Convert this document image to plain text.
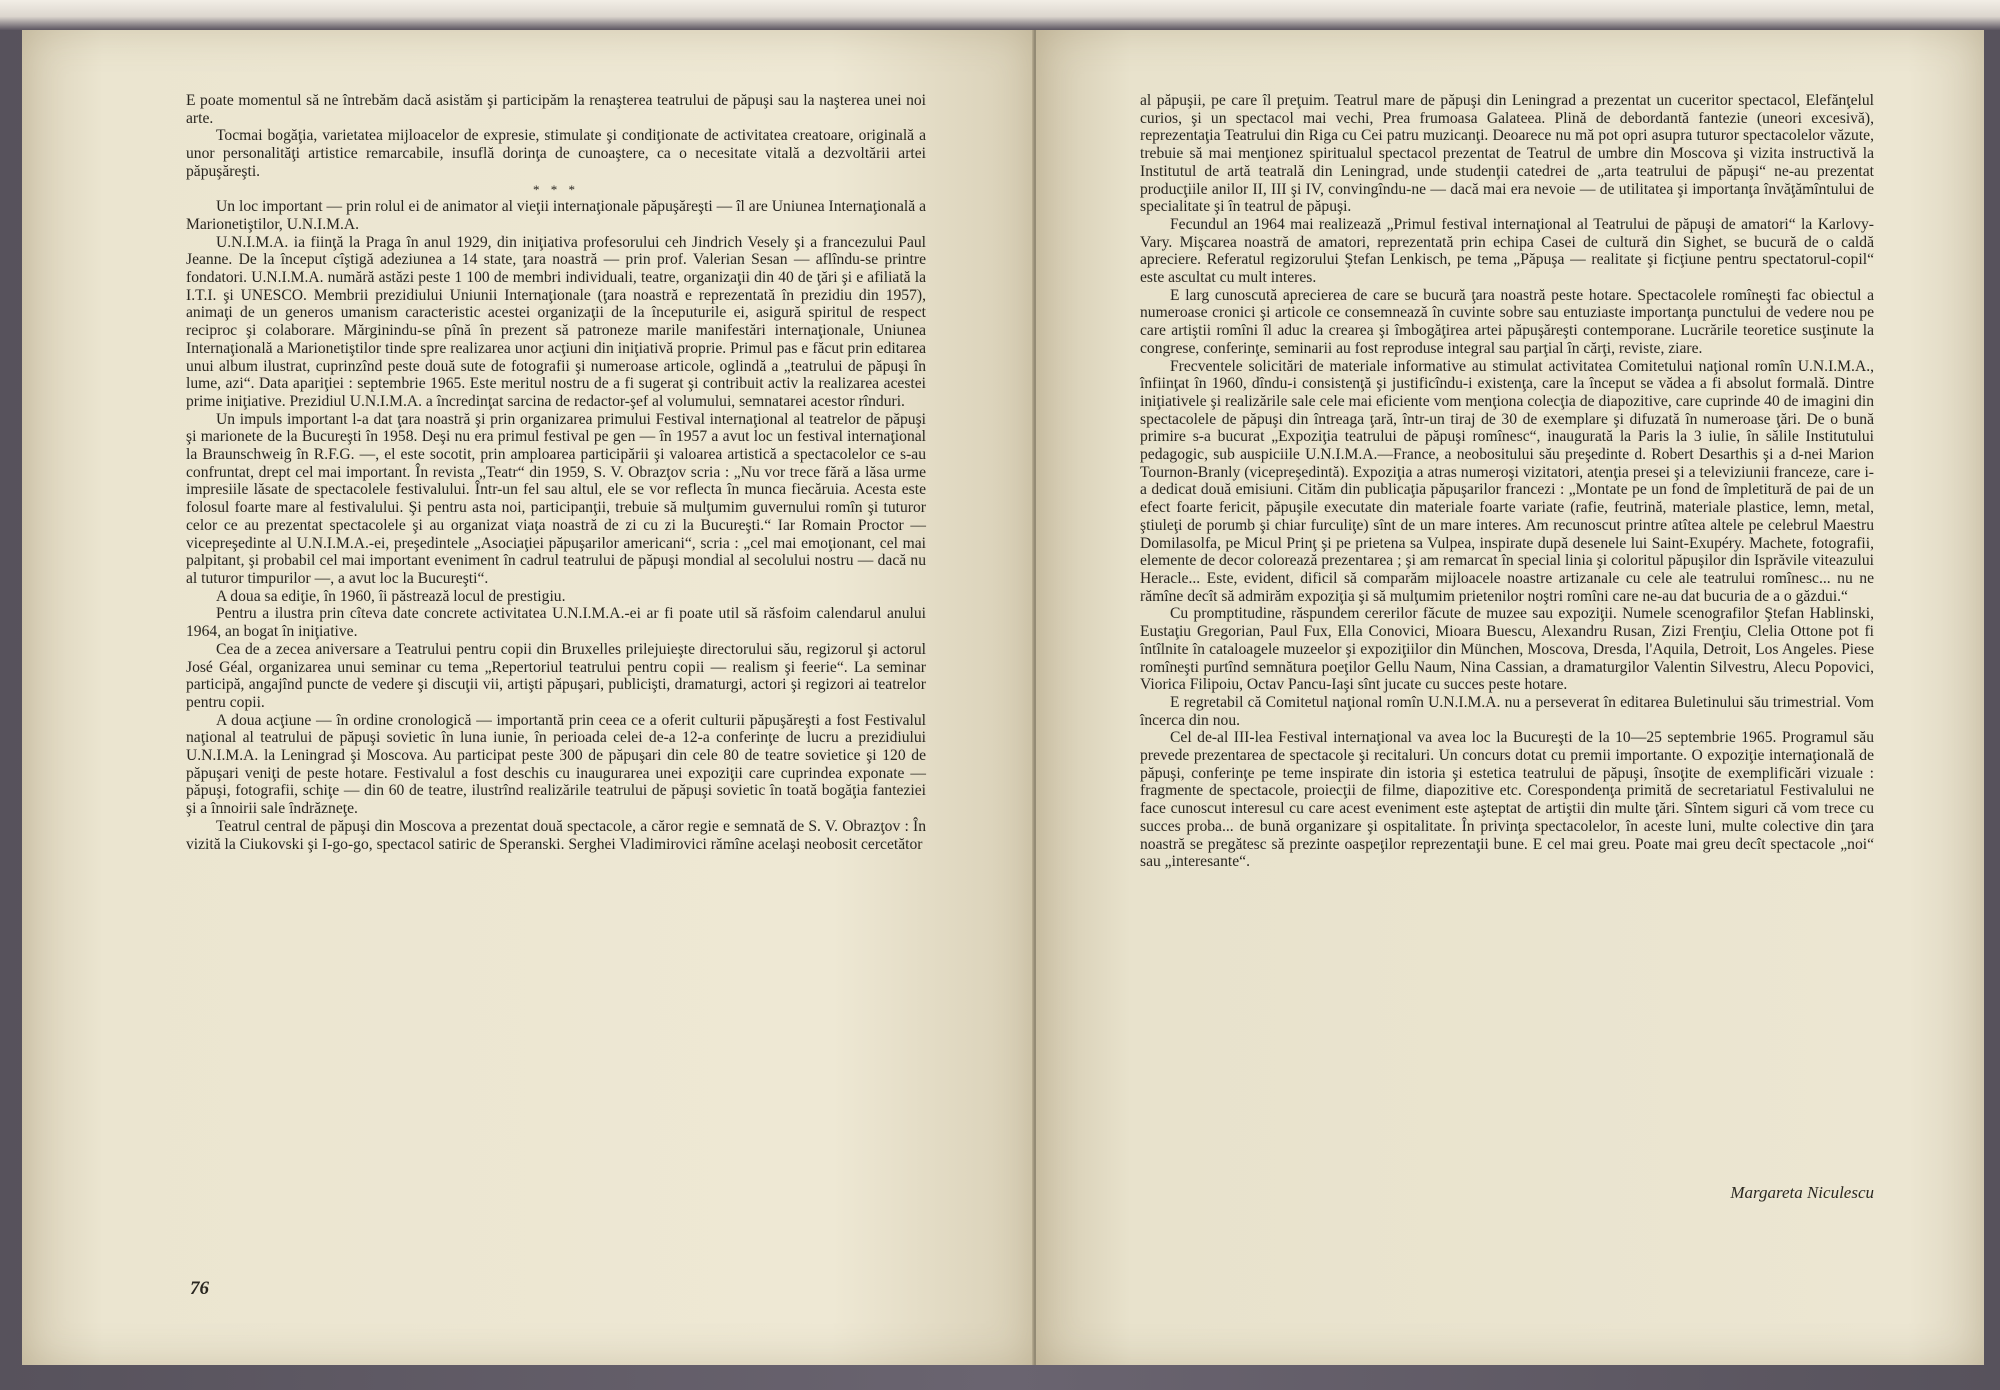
E poate momentul să ne întrebăm dacă asistăm şi participăm la renaşterea teatrului de păpuşi sau la naşterea unei noi arte.

Tocmai bogăţia, varietatea mijloacelor de expresie, stimulate şi condiţionate de activitatea creatoare, originală a unor personalităţi artistice remarcabile, insuflă dorinţa de cunoaştere, ca o necesitate vitală a dezvoltării artei păpuşăreşti.

* * *

Un loc important — prin rolul ei de animator al vieţii internaţionale păpuşăreşti — îl are Uniunea Internaţională a Marionetiştilor, U.N.I.M.A.

U.N.I.M.A. ia fiinţă la Praga în anul 1929, din iniţiativa profesorului ceh Jindrich Vesely şi a francezului Paul Jeanne. De la început cîştigă adeziunea a 14 state, ţara noastră — prin prof. Valerian Sesan — aflîndu-se printre fondatori. U.N.I.M.A. numără astăzi peste 1 100 de membri individuali, teatre, organizaţii din 40 de ţări şi e afiliată la I.T.I. şi UNESCO. Membrii prezidiului Uniunii Internaţionale (ţara noastră e reprezentată în prezidiu din 1957), animaţi de un generos umanism caracteristic acestei organizaţii de la începuturile ei, asigură spiritul de respect reciproc şi colaborare. Mărginindu-se pînă în prezent să patroneze marile manifestări internaţionale, Uniunea Internaţională a Marionetiştilor tinde spre realizarea unor acţiuni din iniţiativă proprie. Primul pas e făcut prin editarea unui album ilustrat, cuprinzînd peste două sute de fotografii şi numeroase articole, oglindă a „teatrului de păpuşi în lume, azi“. Data apariţiei : septembrie 1965. Este meritul nostru de a fi sugerat şi contribuit activ la realizarea acestei prime iniţiative. Prezidiul U.N.I.M.A. a încredinţat sarcina de redactor-şef al volumului, semnatarei acestor rînduri.

Un impuls important l-a dat ţara noastră şi prin organizarea primului Festival internaţional al teatrelor de păpuşi şi marionete de la Bucureşti în 1958. Deşi nu era primul festival pe gen — în 1957 a avut loc un festival internaţional la Braunschweig în R.F.G. —, el este socotit, prin amploarea participării şi valoarea artistică a spectacolelor ce s-au confruntat, drept cel mai important. În revista „Teatr“ din 1959, S. V. Obrazţov scria : „Nu vor trece fără a lăsa urme impresiile lăsate de spectacolele festivalului. Într-un fel sau altul, ele se vor reflecta în munca fiecăruia. Acesta este folosul foarte mare al festivalului. Şi pentru asta noi, participanţii, trebuie să mulţumim guvernului romîn şi tuturor celor ce au prezentat spectacolele şi au organizat viaţa noastră de zi cu zi la Bucureşti.“ Iar Romain Proctor — vicepreşedinte al U.N.I.M.A.-ei, preşedintele „Asociaţiei păpuşarilor americani“, scria : „cel mai emoţionant, cel mai palpitant, şi probabil cel mai important eveniment în cadrul teatrului de păpuşi mondial al secolului nostru — dacă nu al tuturor timpurilor —, a avut loc la Bucureşti“.

A doua sa ediţie, în 1960, îi păstrează locul de prestigiu.

Pentru a ilustra prin cîteva date concrete activitatea U.N.I.M.A.-ei ar fi poate util să răsfoim calendarul anului 1964, an bogat în iniţiative.

Cea de a zecea aniversare a Teatrului pentru copii din Bruxelles prilejuieşte directorului său, regizorul şi actorul José Géal, organizarea unui seminar cu tema „Repertoriul teatrului pentru copii — realism şi feerie“. La seminar participă, angajînd puncte de vedere şi discuţii vii, artişti păpuşari, publicişti, dramaturgi, actori şi regizori ai teatrelor pentru copii.

A doua acţiune — în ordine cronologică — importantă prin ceea ce a oferit culturii păpuşăreşti a fost Festivalul naţional al teatrului de păpuşi sovietic în luna iunie, în perioada celei de-a 12-a conferinţe de lucru a prezidiului U.N.I.M.A. la Leningrad şi Moscova. Au participat peste 300 de păpuşari din cele 80 de teatre sovietice şi 120 de păpuşari veniţi de peste hotare. Festivalul a fost deschis cu inaugurarea unei expoziţii care cuprindea exponate — păpuşi, fotografii, schiţe — din 60 de teatre, ilustrînd realizările teatrului de păpuşi sovietic în toată bogăţia fanteziei şi a înnoirii sale îndrăzneţe.

Teatrul central de păpuşi din Moscova a prezentat două spectacole, a căror regie e semnată de S. V. Obrazţov : În vizită la Ciukovski şi I-go-go, spectacol satiric de Speranski. Serghei Vladimirovici rămîne acelaşi neobosit cercetător

76

al păpuşii, pe care îl preţuim. Teatrul mare de păpuşi din Leningrad a prezentat un cuceritor spectacol, Elefănţelul curios, şi un spectacol mai vechi, Prea frumoasa Galateea. Plină de debordantă fantezie (uneori excesivă), reprezentaţia Teatrului din Riga cu Cei patru muzicanţi. Deoarece nu mă pot opri asupra tuturor spectacolelor văzute, trebuie să mai menţionez spiritualul spectacol prezentat de Teatrul de umbre din Moscova şi vizita instructivă la Institutul de artă teatrală din Leningrad, unde studenţii catedrei de „arta teatrului de păpuşi“ ne-au prezentat producţiile anilor II, III şi IV, convingîndu-ne — dacă mai era nevoie — de utilitatea şi importanţa învăţămîntului de specialitate şi în teatrul de păpuşi.

Fecundul an 1964 mai realizează „Primul festival internaţional al Teatrului de păpuşi de amatori“ la Karlovy-Vary. Mişcarea noastră de amatori, reprezentată prin echipa Casei de cultură din Sighet, se bucură de o caldă apreciere. Referatul regizorului Ştefan Lenkisch, pe tema „Păpuşa — realitate şi ficţiune pentru spectatorul-copil“ este ascultat cu mult interes.

E larg cunoscută aprecierea de care se bucură ţara noastră peste hotare. Spectacolele romîneşti fac obiectul a numeroase cronici şi articole ce consemnează în cuvinte sobre sau entuziaste importanţa punctului de vedere nou pe care artiştii romîni îl aduc la crearea şi îmbogăţirea artei păpuşăreşti contemporane. Lucrările teoretice susţinute la congrese, conferinţe, seminarii au fost reproduse integral sau parţial în cărţi, reviste, ziare.

Frecventele solicitări de materiale informative au stimulat activitatea Comitetului naţional romîn U.N.I.M.A., înfiinţat în 1960, dîndu-i consistenţă şi justificîndu-i existenţa, care la început se vădea a fi absolut formală. Dintre iniţiativele şi realizările sale cele mai eficiente vom menţiona colecţia de diapozitive, care cuprinde 40 de imagini din spectacolele de păpuşi din întreaga ţară, într-un tiraj de 30 de exemplare şi difuzată în numeroase ţări. De o bună primire s-a bucurat „Expoziţia teatrului de păpuşi romînesc“, inaugurată la Paris la 3 iulie, în sălile Institutului pedagogic, sub auspiciile U.N.I.M.A.—France, a neobositului său preşedinte d. Robert Desarthis şi a d-nei Marion Tournon-Branly (vicepreşedintă). Expoziţia a atras numeroşi vizitatori, atenţia presei şi a televiziunii franceze, care i-a dedicat două emisiuni. Cităm din publicaţia păpuşarilor francezi : „Montate pe un fond de împletitură de pai de un efect foarte fericit, păpuşile executate din materiale foarte variate (rafie, feutrină, materiale plastice, lemn, metal, ştiuleţi de porumb şi chiar furculiţe) sînt de un mare interes. Am recunoscut printre atîtea altele pe celebrul Maestru Domilasolfa, pe Micul Prinţ şi pe prietena sa Vulpea, inspirate după desenele lui Saint-Exupéry. Machete, fotografii, elemente de decor colorează prezentarea ; şi am remarcat în special linia şi coloritul păpuşilor din Isprăvile viteazului Heracle... Este, evident, dificil să comparăm mijloacele noastre artizanale cu cele ale teatrului romînesc... nu ne rămîne decît să admirăm expoziţia şi să mulţumim prietenilor noştri romîni care ne-au dat bucuria de a o găzdui.“

Cu promptitudine, răspundem cererilor făcute de muzee sau expoziţii. Numele scenografilor Ştefan Hablinski, Eustaţiu Gregorian, Paul Fux, Ella Conovici, Mioara Buescu, Alexandru Rusan, Zizi Frenţiu, Clelia Ottone pot fi întîlnite în cataloagele muzeelor şi expoziţiilor din München, Moscova, Dresda, l'Aquila, Detroit, Los Angeles. Piese romîneşti purtînd semnătura poeţilor Gellu Naum, Nina Cassian, a dramaturgilor Valentin Silvestru, Alecu Popovici, Viorica Filipoiu, Octav Pancu-Iaşi sînt jucate cu succes peste hotare.

E regretabil că Comitetul naţional romîn U.N.I.M.A. nu a perseverat în editarea Buletinului său trimestrial. Vom încerca din nou.

Cel de-al III-lea Festival internaţional va avea loc la Bucureşti de la 10—25 septembrie 1965. Programul său prevede prezentarea de spectacole şi recitaluri. Un concurs dotat cu premii importante. O expoziţie internaţională de păpuşi, conferinţe pe teme inspirate din istoria şi estetica teatrului de păpuşi, însoţite de exemplificări vizuale : fragmente de spectacole, proiecţii de filme, diapozitive etc. Corespondenţa primită de secretariatul Festivalului ne face cunoscut interesul cu care acest eveniment este aşteptat de artiştii din multe ţări. Sîntem siguri că vom trece cu succes proba... de bună organizare şi ospitalitate. În privinţa spectacolelor, în aceste luni, multe colective din ţara noastră se pregătesc să prezinte oaspeţilor reprezentaţii bune. E cel mai greu. Poate mai greu decît spectacole „noi“ sau „interesante“.

Margareta Niculescu
